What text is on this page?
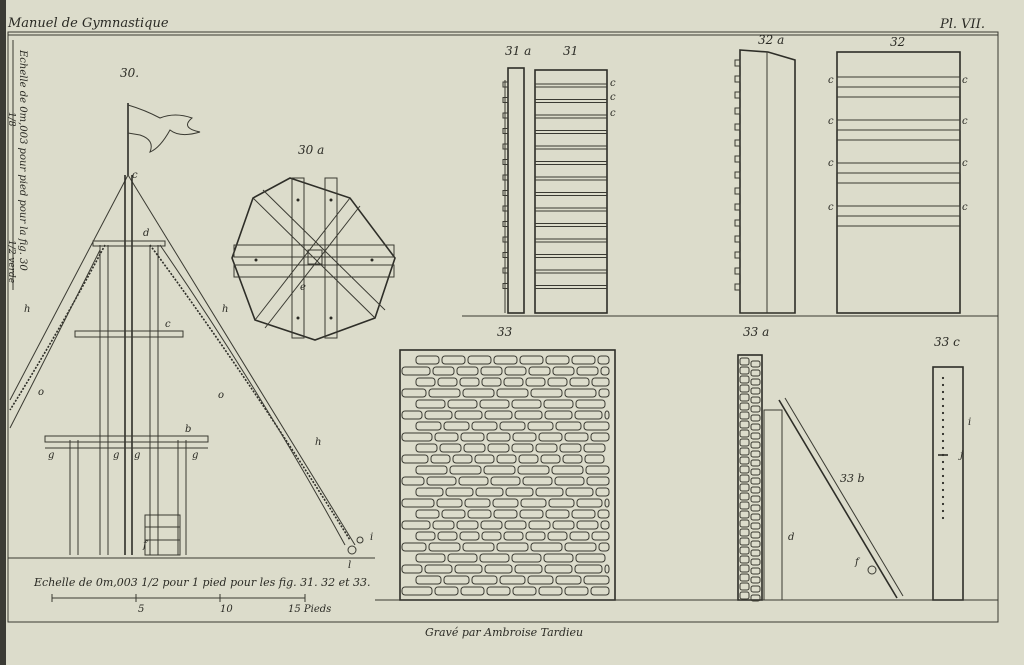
Manuel de Gymnastique	Pl. VII.
Echelle de 0m,003 pour pied pour la fig. 30
1/8
1/2 verde
30.
c
d
c
b
h	h
h
o	o
g	g g	g
f
i
l
30 a
e
31 a	31
c
c
c
32 a	32
c
c
c
c
c
c
c
c
33	33 a
d
f
33 b
33 c
i
j
Echelle de 0m,003 1/2 pour 1 pied pour les fig. 31. 32 et 33.
5	10	15 Pieds
Gravé par Ambroise Tardieu
